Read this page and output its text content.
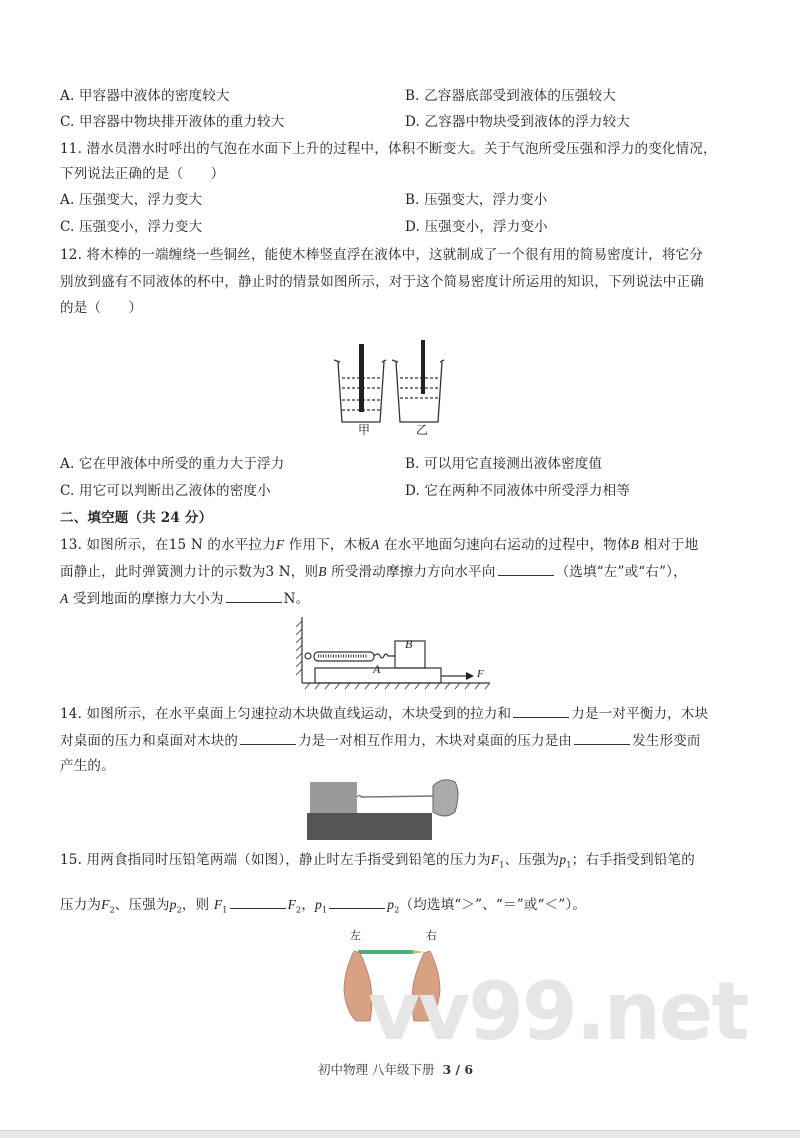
A. 甲容器中液体的密度较大	B. 乙容器底部受到液体的压强较大
C. 甲容器中物块排开液体的重力较大	D. 乙容器中物块受到液体的浮力较大
11. 潜水员潜水时呼出的气泡在水面下上升的过程中，体积不断变大。关于气泡所受压强和浮力的变化情况，
下列说法正确的是（　　）
A. 压强变大，浮力变大	B. 压强变大，浮力变小
C. 压强变小，浮力变大	D. 压强变小，浮力变小
12. 将木棒的一端缠绕一些铜丝，能使木棒竖直浮在液体中，这就制成了一个很有用的简易密度计，将它分
别放到盛有不同液体的杯中，静止时的情景如图所示，对于这个简易密度计所运用的知识，下列说法中正确
的是（　　）
甲	乙
A. 它在甲液体中所受的重力大于浮力	B. 可以用它直接测出液体密度值
C. 用它可以判断出乙液体的密度小	D. 它在两种不同液体中所受浮力相等
二、填空题（共 24 分）
13. 如图所示，在15 N 的水平拉力F 作用下，木板A 在水平地面匀速向右运动的过程中，物体B 相对于地
面静止，此时弹簧测力计的示数为3 N，则B 所受滑动摩擦力方向水平向	（选填“左”或“右”），
A 受到地面的摩擦力大小为	N。
A
B
F
14. 如图所示，在水平桌面上匀速拉动木块做直线运动，木块受到的拉力和	力是一对平衡力，木块
对桌面的压力和桌面对木块的	力是一对相互作用力，木块对桌面的压力是由	发生形变而
产生的。
15. 用两食指同时压铅笔两端（如图），静止时左手指受到铅笔的压力为$F_1$、压强为$p_1$；右手指受到铅笔的
压力为$F_2$、压强为$p_2$，则 $F_1$	$F_2$，$p_1$	$p_2$（均选填“＞”、“＝”或“＜”）。
左	右
vv99.net
初中物理 八年级下册 3 / 6
